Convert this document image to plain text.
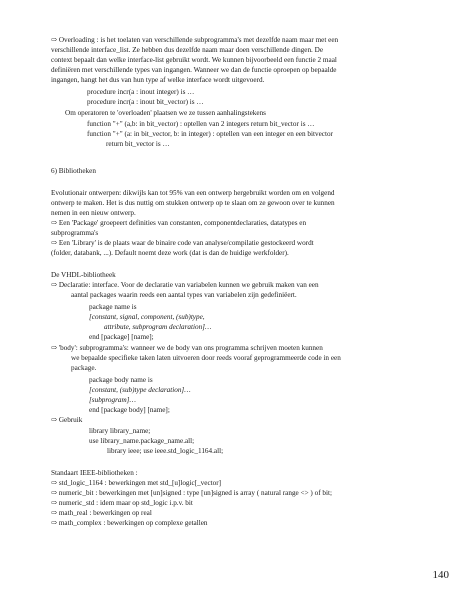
⇨ Overloading : is het toelaten van verschillende subprogramma's met dezelfde naam maar met een
verschillende interface_list. Ze hebben dus dezelfde naam maar doen verschillende dingen. De
context bepaalt dan welke interface-list gebruikt wordt. We kunnen bijvoorbeeld een functie 2 maal
definiëren met verschillende types van ingangen. Wanneer we dan de functie oproepen op bepaalde
ingangen, hangt het dus van hun type af welke interface wordt uitgevoerd.
procedure incr(a : inout integer) is …
procedure incr(a : inout bit_vector) is …
Om operatoren te 'overloaden' plaatsen we ze tussen aanhalingstekens
function "+" (a,b: in bit_vector) : optellen van 2 integers return bit_vector is …
function "+" (a: in bit_vector, b: in integer) : optellen van een integer en een bitvector
return bit_vector is …
6) Bibliotheken
Evolutionair ontwerpen: dikwijls kan tot 95% van een ontwerp hergebruikt worden om en volgend
ontwerp te maken. Het is dus nuttig om stukken ontwerp op te slaan om ze gewoon over te kunnen
nemen in een nieuw ontwerp.
⇨ Een 'Package' groepeert definities van constanten, componentdeclaraties, datatypes en
subprogramma's
⇨ Een 'Library' is de plaats waar de binaire code van analyse/compilatie gestockeerd wordt
(folder, databank, ...). Default noemt deze work (dat is dan de huidige werkfolder).
De VHDL-bibliotheek
⇨ Declaratie: interface. Voor de declaratie van variabelen kunnen we gebruik maken van een
aantal packages waarin reeds een aantal types van variabelen zijn gedefiniëert.
package name is
[constant, signal, component, (sub)type,
attribute, subprogram declaration]…
end [package] [name];
⇨ 'body': subprogramma's: wanneer we de body van ons programma schrijven moeten kunnen
we bepaalde specifieke taken laten uitvoeren door reeds vooraf geprogrammeerde code in een
package.
package body name is
[constant, (sub)type declaration]…
[subprogram]…
end [package body] [name];
⇨ Gebruik
library library_name;
use library_name.package_name.all;
library ieee; use ieee.std_logic_1164.all;
Standaart IEEE-bibliotheken :
⇨ std_logic_1164 : bewerkingen met std_[u]logic[_vector]
⇨ numeric_bit : bewerkingen met [un]signed : type [un]signed is array ( natural range <> ) of bit;
⇨ numeric_std : idem maar op std_logic i.p.v. bit
⇨ math_real : bewerkingen op real
⇨ math_complex : bewerkingen op complexe getallen
140
